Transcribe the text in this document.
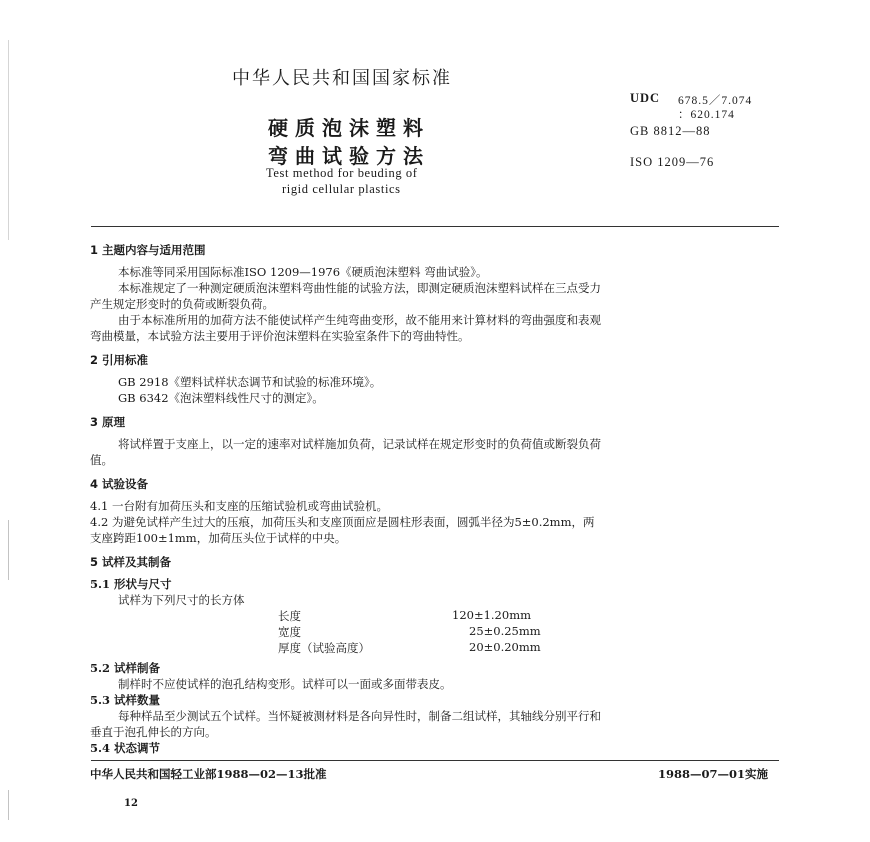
中华人民共和国国家标准
硬质泡沫塑料
弯曲试验方法
Test method for beuding of
rigid cellular plastics
UDC 678.5／7.074
：620.174
GB 8812—88
ISO 1209—76
1 主题内容与适用范围
本标准等同采用国际标准ISO 1209—1976《硬质泡沫塑料 弯曲试验》。
本标准规定了一种测定硬质泡沫塑料弯曲性能的试验方法，即测定硬质泡沫塑料试样在三点受力
产生规定形变时的负荷或断裂负荷。
由于本标准所用的加荷方法不能使试样产生纯弯曲变形，故不能用来计算材料的弯曲强度和表观
弯曲模量，本试验方法主要用于评价泡沫塑料在实验室条件下的弯曲特性。
2 引用标准
GB 2918《塑料试样状态调节和试验的标准环境》。
GB 6342《泡沫塑料线性尺寸的测定》。
3 原理
将试样置于支座上，以一定的速率对试样施加负荷，记录试样在规定形变时的负荷值或断裂负荷
值。
4 试验设备
4.1 一台附有加荷压头和支座的压缩试验机或弯曲试验机。
4.2 为避免试样产生过大的压痕，加荷压头和支座顶面应是圆柱形表面，圆弧半径为5±0.2mm，两
支座跨距100±1mm，加荷压头位于试样的中央。
5 试样及其制备
5.1 形状与尺寸
试样为下列尺寸的长方体
长度	120±1.20mm
宽度	25±0.25mm
厚度（试验高度）	20±0.20mm
5.2 试样制备
制样时不应使试样的泡孔结构变形。试样可以一面或多面带表皮。
5.3 试样数量
每种样品至少测试五个试样。当怀疑被测材料是各向异性时，制备二组试样，其轴线分别平行和
垂直于泡孔伸长的方向。
5.4 状态调节
中华人民共和国轻工业部1988—02—13批准	1988—07—01实施
12
